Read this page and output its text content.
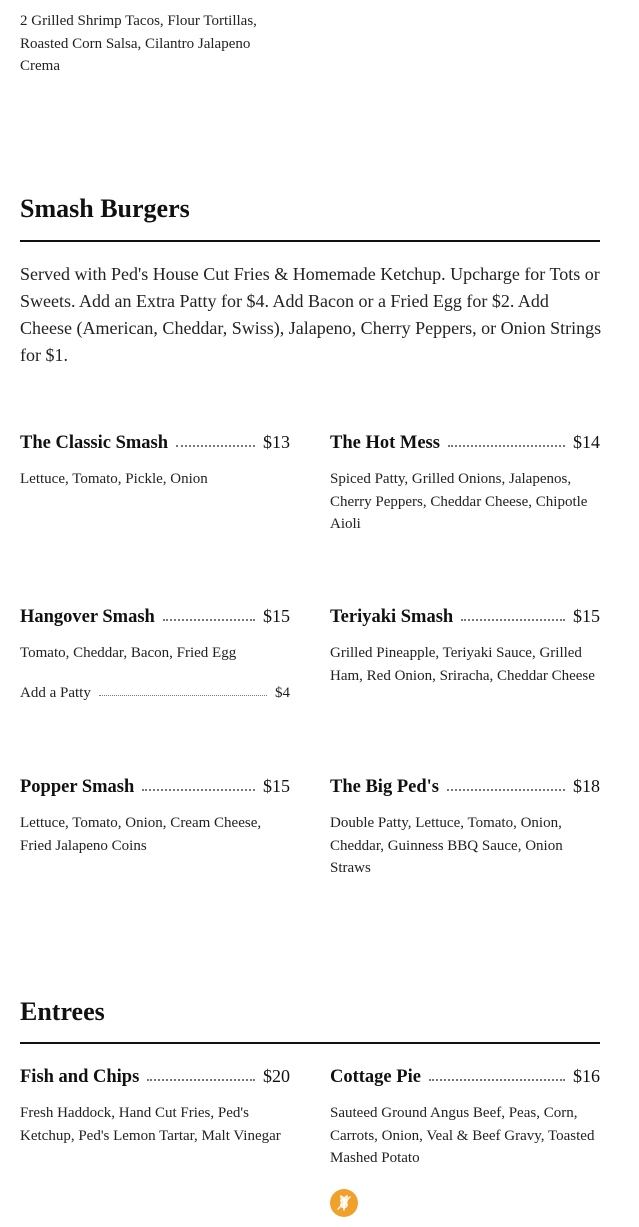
2 Grilled Shrimp Tacos, Flour Tortillas, Roasted Corn Salsa, Cilantro Jalapeno Crema
Smash Burgers
Served with Ped's House Cut Fries & Homemade Ketchup. Upcharge for Tots or Sweets. Add an Extra Patty for $4. Add Bacon or a Fried Egg for $2. Add Cheese (American, Cheddar, Swiss), Jalapeno, Cherry Peppers, or Onion Strings for $1.
The Classic Smash	$13
Lettuce, Tomato, Pickle, Onion
The Hot Mess	$14
Spiced Patty, Grilled Onions, Jalapenos, Cherry Peppers, Cheddar Cheese, Chipotle Aioli
Hangover Smash	$15
Tomato, Cheddar, Bacon, Fried Egg
Add a Patty	$4
Teriyaki Smash	$15
Grilled Pineapple, Teriyaki Sauce, Grilled Ham, Red Onion, Sriracha, Cheddar Cheese
Popper Smash	$15
Lettuce, Tomato, Onion, Cream Cheese, Fried Jalapeno Coins
The Big Ped's	$18
Double Patty, Lettuce, Tomato, Onion, Cheddar, Guinness BBQ Sauce, Onion Straws
Entrees
Fish and Chips	$20
Fresh Haddock, Hand Cut Fries, Ped's Ketchup, Ped's Lemon Tartar, Malt Vinegar
Cottage Pie	$16
Sauteed Ground Angus Beef, Peas, Corn, Carrots, Onion, Veal & Beef Gravy, Toasted Mashed Potato
